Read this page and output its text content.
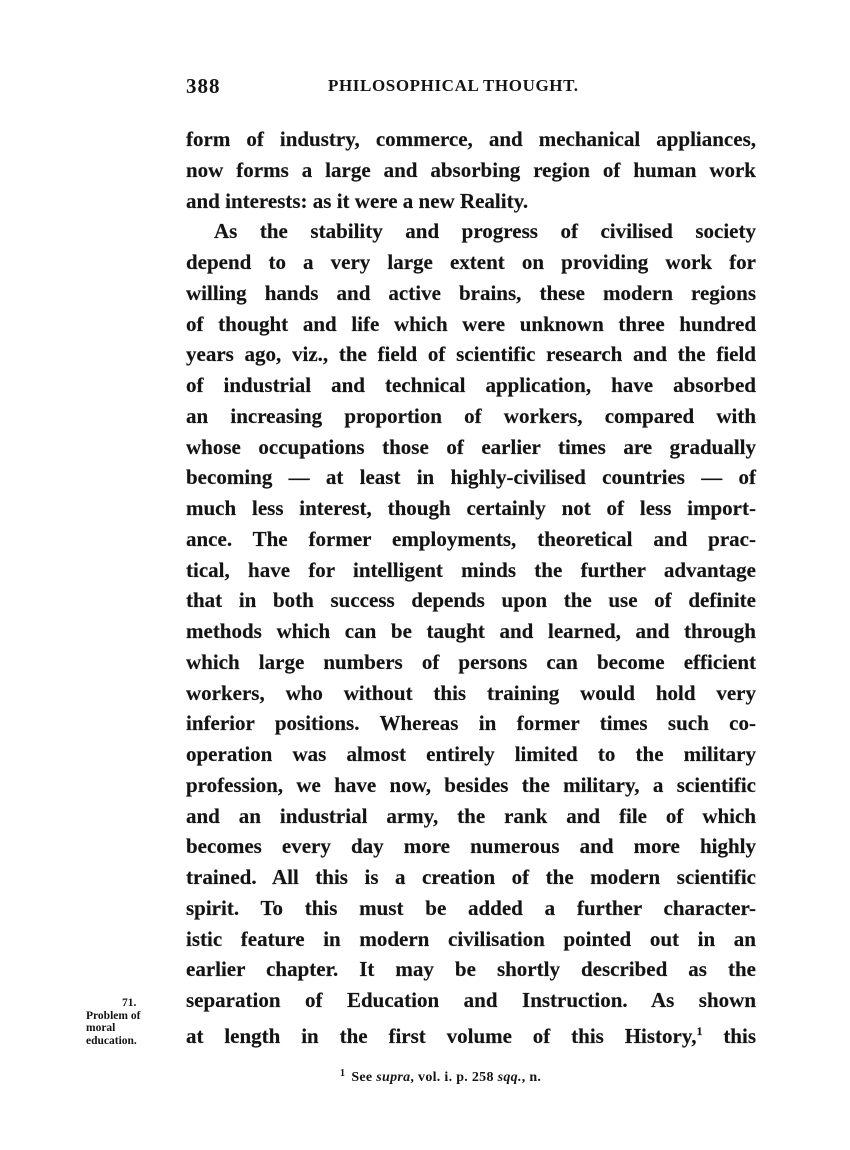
388	PHILOSOPHICAL THOUGHT.
form of industry, commerce, and mechanical appliances,
now forms a large and absorbing region of human work
and interests: as it were a new Reality.
As the stability and progress of civilised society
depend to a very large extent on providing work for
willing hands and active brains, these modern regions
of thought and life which were unknown three hundred
years ago, viz., the field of scientific research and the field
of industrial and technical application, have absorbed
an increasing proportion of workers, compared with
whose occupations those of earlier times are gradually
becoming — at least in highly-civilised countries — of
much less interest, though certainly not of less import-
ance. The former employments, theoretical and prac-
tical, have for intelligent minds the further advantage
that in both success depends upon the use of definite
methods which can be taught and learned, and through
which large numbers of persons can become efficient
workers, who without this training would hold very
inferior positions. Whereas in former times such co-
operation was almost entirely limited to the military
profession, we have now, besides the military, a scientific
and an industrial army, the rank and file of which
becomes every day more numerous and more highly
trained. All this is a creation of the modern scientific
spirit. To this must be added a further character-
istic feature in modern civilisation pointed out in an
earlier chapter. It may be shortly described as the
separation of Education and Instruction. As shown
at length in the first volume of this History,$^1$ this
71.
Problem of
moral
education.
$^1$ See supra, vol. i. p. 258 sqq., n.
